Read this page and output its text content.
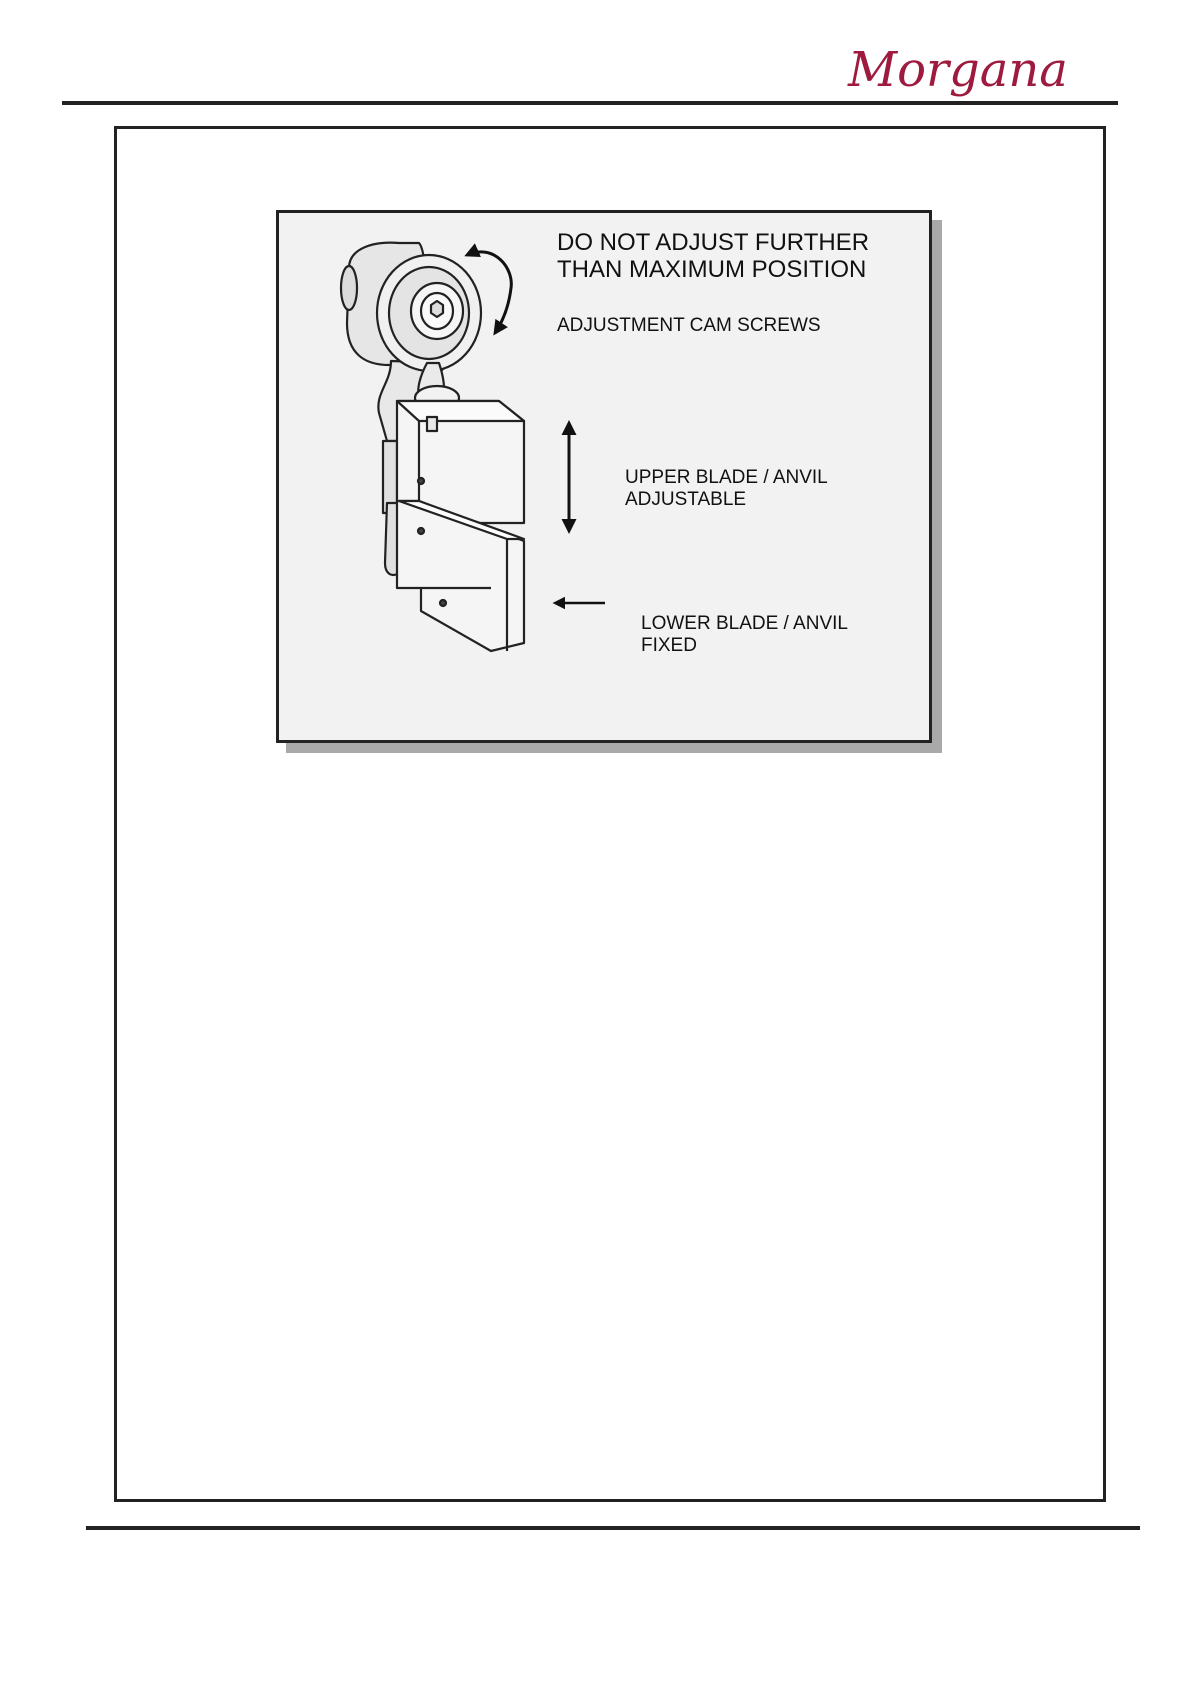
Morgana
DO NOT ADJUST FURTHER
THAN MAXIMUM POSITION
ADJUSTMENT CAM SCREWS
UPPER BLADE / ANVIL
ADJUSTABLE
LOWER BLADE / ANVIL
FIXED
